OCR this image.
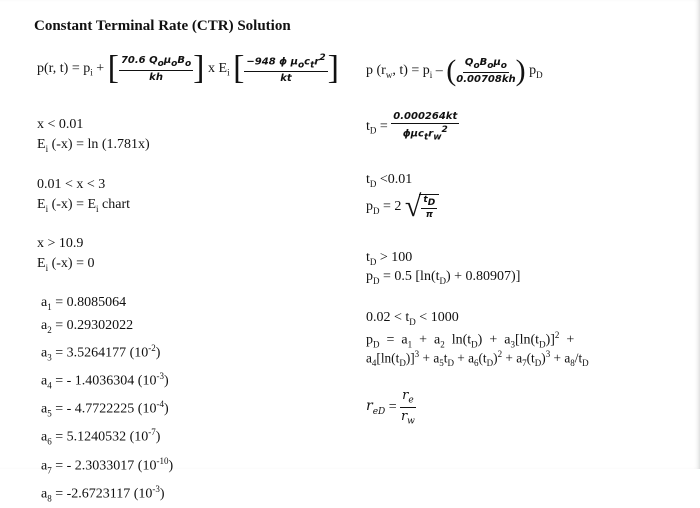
Constant Terminal Rate (CTR) Solution
p(r, $t) = p_i$ + [ $\frac{70.6 Q_o\mu_oB_o}{kh}$ ] x $E_i$ [ $\frac{-948 \phi \mu_oc_tr^2}{kt}$ ] p ($r_w$, $t) = p_i$ – ( $\frac{Q_oB_o\mu_o}{0.00708kh}$ ) $p_D$
x < 0.01
$E_i$ (-x) = ln (1.781x)
0.01 < x < 3
$E_i$ $(-x) = E_i$ chart
x > 10.9
$E_i$ (-x) = 0
$a_1 = 0.8085064$
$a_2 = 0.29302022$
$a_3 = 3.5264177$ $(10^{-2})$
$a_4$ = - 1.4036304 $(10^{-3})$
$a_5$ = - 4.7722225 $(10^{-4})$
$a_6 = 5.1240532$ $(10^{-7})$
$a_7$ = - 2.3033017 $(10^{-10})$
$a_8 = -2.6723117$ $(10^{-3})$
$t_D = \frac{0.000264kt}{\phi\mu c_tr_w^2}$
$t_D <0.01$
$p_D = 2$ √ $\frac{t_D}{\pi}$
$t_D > 100$
$p_D = 0.5$ $[\ln(t_D) + 0.80907)$]
$0.02 < t_D < 1000$
$p_D = a_1 + a_2$  $\ln(t_D) + a_3[\ln(t_D)]^2$  +
$a_4[\ln(t_D)]^3 + a_5t_D + a_6(t_D)^2 + a_7(t_D)^3 + a_8/t_D$
$r_{eD} = \frac{r_e}{r_w}$
